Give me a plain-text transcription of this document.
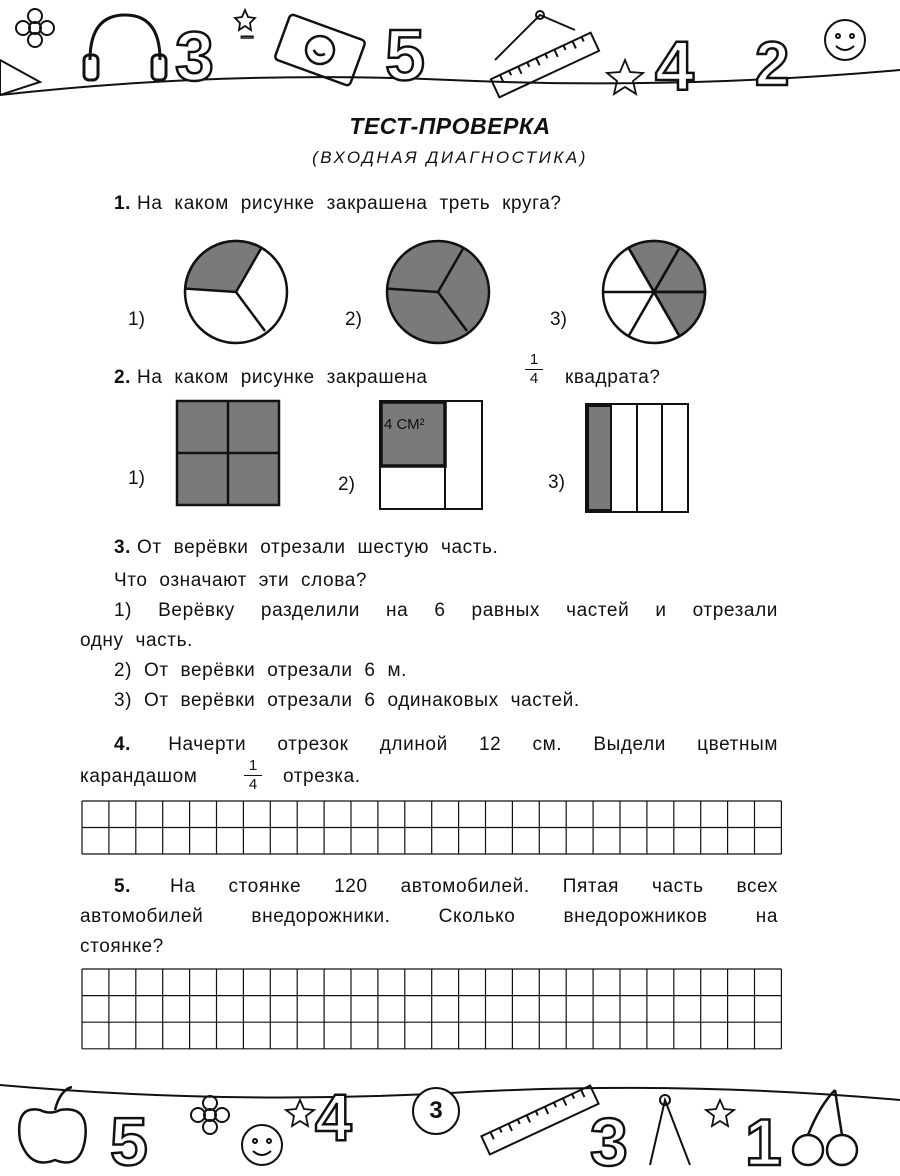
3 − 5	4 2
ТЕСТ-ПРОВЕРКА
(ВХОДНАЯ ДИАГНОСТИКА)
1. На каком рисунке закрашена треть круга?
1)	2)	3)
2. На каком рисунке закрашена
1
4 квадрата?
1)	2)	3)
4 СМ²
3. От верёвки отрезали шестую часть.
Что означают эти слова?
1) Верёвку разделили на 6 равных частей и отрезали
одну часть.
2) От верёвки отрезали 6 м.
3) От верёвки отрезали 6 одинаковых частей.
4. Начерти отрезок длиной 12 см. Выдели цветным
карандашом
1
4 отрезка.
5. На стоянке 120 автомобилей. Пятая часть всех
автомобилей внедорожники. Сколько внедорожников на
стоянке?
5	4	3 1
3
